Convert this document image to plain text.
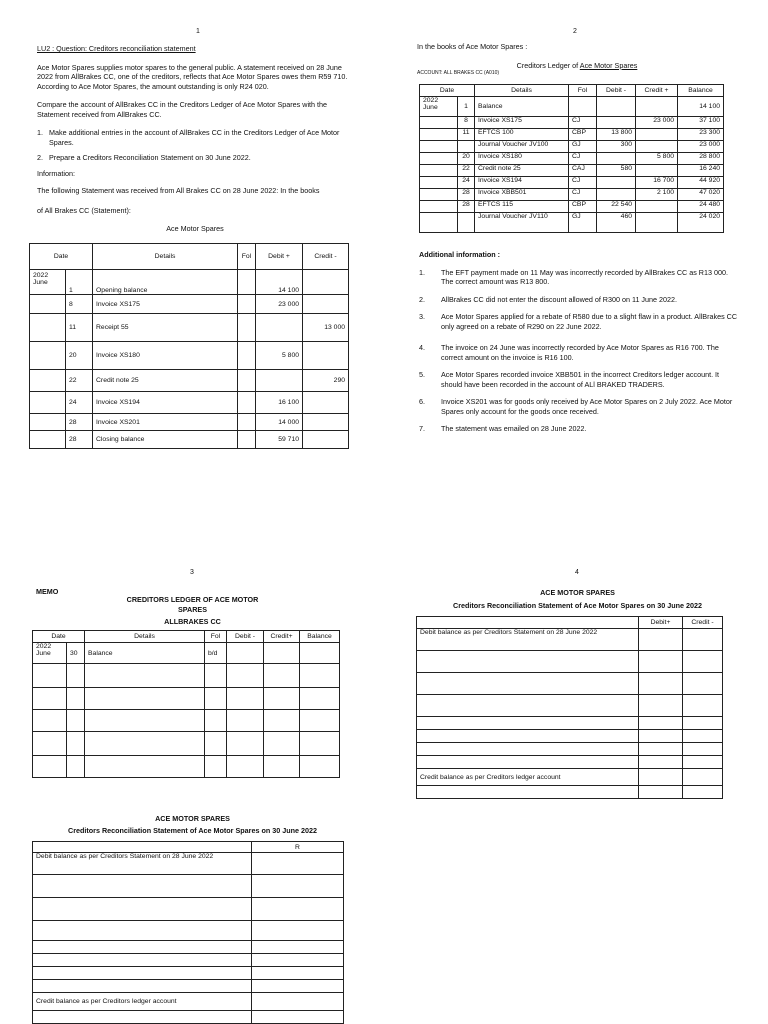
1

LU2 : Question: Creditors reconciliation statement

Ace Motor Spares supplies motor spares to the general public. A statement received on 28 June 2022 from AllBrakes CC, one of the creditors, reflects that Ace Motor Spares owes them R59 710. According to Ace Motor Spares, the amount outstanding is only R24 020.

Compare the account of AllBrakes CC in the Creditors Ledger of Ace Motor Spares with the Statement received from AllBrakes CC.

1. Make additional entries in the account of AllBrakes CC in the Creditors Ledger of Ace Motor Spares.
2. Prepare a Creditors Reconciliation Statement on 30 June 2022.

Information:

The following Statement was received from All Brakes CC on 28 June 2022: In the books

of All Brakes CC (Statement):

Ace Motor Spares

Date		Details	Fol	Debit +	Credit -
2022
June	1	Opening balance		14 100	
	8	Invoice XS175		23 000	
	11	Receipt 55			13 000
	20	Invoice XS180		5 800	
	22	Credit note 25			290
	24	Invoice XS194		16 100	
	28	Invoice XS201		14 000	
	28	Closing balance		59 710	
2

In the books of Ace Motor Spares :

Creditors Ledger of Ace Motor Spares

ACCOUNT: ALL BRAKES CC (A010)

Date		Details	Fol	Debit -	Credit +	Balance
2022
June	1	Balance				14 100
	8	Invoice XS175	CJ		23 000	37 100
	11	EFTCS 100	CBP	13 800		23 300
		Journal Voucher JV100	GJ	300		23 000
	20	Invoice XS180	CJ		5 800	28 800
	22	Credit note 25	CAJ	580		16 240
	24	Invoice XS194	CJ		16 700	44 920
	28	Invoice XBB501	CJ		2 100	47 020
	28	EFTCS 115	CBP	22 540		24 480
		Journal Voucher JV110	GJ	460		24 020

Additional information :

1. The EFT payment made on 11 May was incorrectly recorded by AllBrakes CC as R13 000. The correct amount was R13 800.
2. AllBrakes CC did not enter the discount allowed of R300 on 11 June 2022.
3. Ace Motor Spares applied for a rebate of R580 due to a slight flaw in a product. AllBrakes CC only agreed on a rebate of R290 on 22 June 2022.
4. The invoice on 24 June was incorrectly recorded by Ace Motor Spares as R16 700. The correct amount on the invoice is R16 100.
5. Ace Motor Spares recorded invoice XBB501 in the incorrect Creditors ledger account. It should have been recorded in the account of ALl BRAKED TRADERS.
6. Invoice XS201 was for goods only received by Ace Motor Spares on 2 July 2022. Ace Motor Spares only account for the goods once received.
7. The statement was emailed on 28 June 2022.
3
MEMO

CREDITORS LEDGER OF ACE MOTOR

SPARES

ALLBRAKES CC

Date		Details	Fol	Debit -	Credit+	Balance
2022
June	30	Balance	b/d			

ACE MOTOR SPARES
Creditors Reconciliation Statement of Ace Motor Spares on 30 June 2022
	R
Debit balance as per Creditors Statement on 28 June 2022	

Credit balance as per Creditors ledger account	

4
ACE MOTOR SPARES
Creditors Reconciliation Statement of Ace Motor Spares on 30 June 2022
	Debit+	Credit -
Debit balance as per Creditors Statement on 28 June 2022		

Credit balance as per Creditors ledger account		
